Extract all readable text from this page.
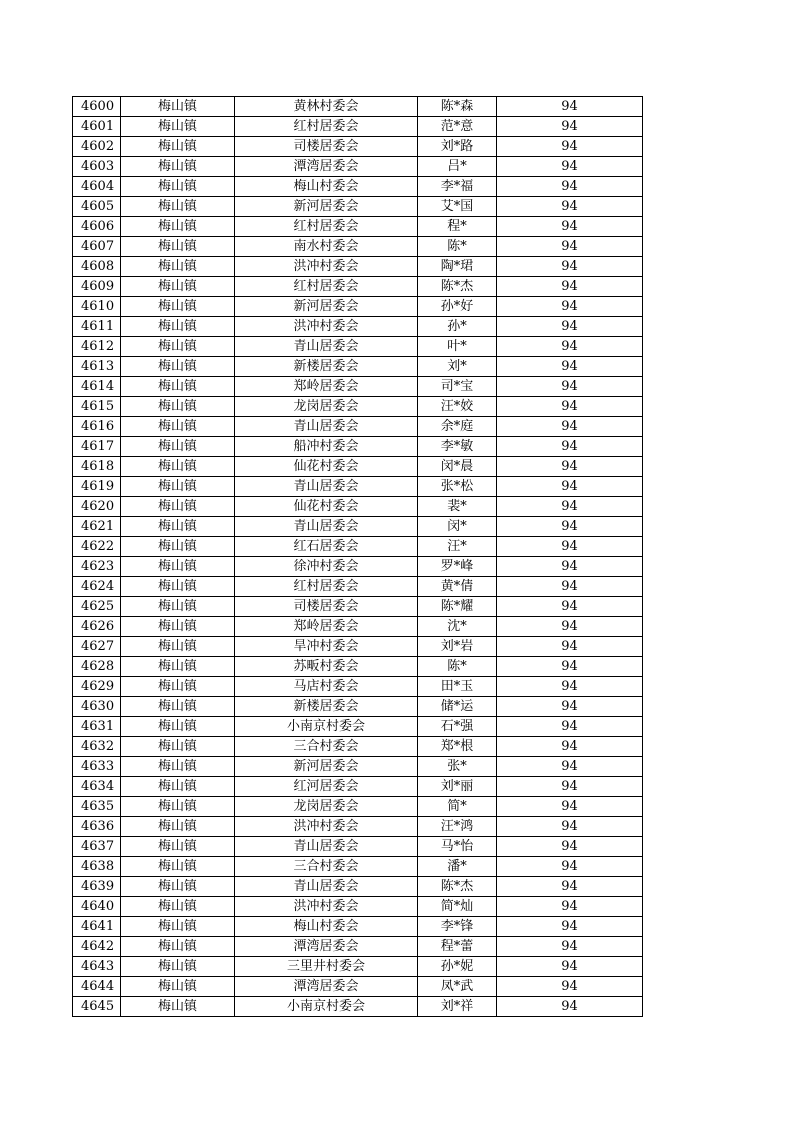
4600	梅山镇	黄林村委会	陈*森	94
4601	梅山镇	红村居委会	范*意	94
4602	梅山镇	司楼居委会	刘*路	94
4603	梅山镇	潭湾居委会	吕*	94
4604	梅山镇	梅山村委会	李*福	94
4605	梅山镇	新河居委会	艾*国	94
4606	梅山镇	红村居委会	程*	94
4607	梅山镇	南水村委会	陈*	94
4608	梅山镇	洪冲村委会	陶*珺	94
4609	梅山镇	红村居委会	陈*杰	94
4610	梅山镇	新河居委会	孙*好	94
4611	梅山镇	洪冲村委会	孙*	94
4612	梅山镇	青山居委会	叶*	94
4613	梅山镇	新楼居委会	刘*	94
4614	梅山镇	郑岭居委会	司*宝	94
4615	梅山镇	龙岗居委会	汪*姣	94
4616	梅山镇	青山居委会	余*庭	94
4617	梅山镇	船冲村委会	李*敏	94
4618	梅山镇	仙花村委会	闵*晨	94
4619	梅山镇	青山居委会	张*松	94
4620	梅山镇	仙花村委会	裴*	94
4621	梅山镇	青山居委会	闵*	94
4622	梅山镇	红石居委会	汪*	94
4623	梅山镇	徐冲村委会	罗*峰	94
4624	梅山镇	红村居委会	黄*倩	94
4625	梅山镇	司楼居委会	陈*耀	94
4626	梅山镇	郑岭居委会	沈*	94
4627	梅山镇	旱冲村委会	刘*岩	94
4628	梅山镇	苏畈村委会	陈*	94
4629	梅山镇	马店村委会	田*玉	94
4630	梅山镇	新楼居委会	储*运	94
4631	梅山镇	小南京村委会	石*强	94
4632	梅山镇	三合村委会	郑*根	94
4633	梅山镇	新河居委会	张*	94
4634	梅山镇	红河居委会	刘*丽	94
4635	梅山镇	龙岗居委会	简*	94
4636	梅山镇	洪冲村委会	汪*鸿	94
4637	梅山镇	青山居委会	马*怡	94
4638	梅山镇	三合村委会	潘*	94
4639	梅山镇	青山居委会	陈*杰	94
4640	梅山镇	洪冲村委会	简*灿	94
4641	梅山镇	梅山村委会	李*锋	94
4642	梅山镇	潭湾居委会	程*蕾	94
4643	梅山镇	三里井村委会	孙*妮	94
4644	梅山镇	潭湾居委会	凤*武	94
4645	梅山镇	小南京村委会	刘*祥	94
